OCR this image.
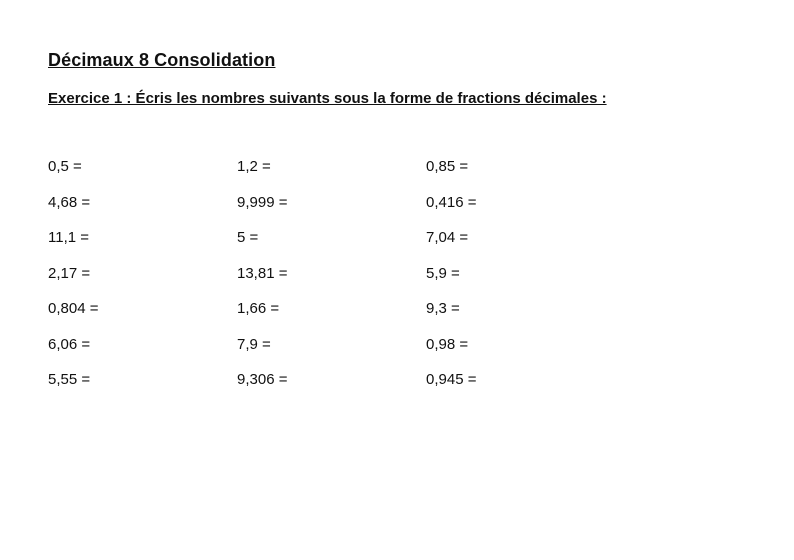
Décimaux 8 Consolidation
Exercice 1 : Écris les nombres suivants sous la forme de fractions décimales :
0,5 =	1,2 =	0,85 =
4,68 =	9,999 =	0,416 =
11,1 =	5 =	7,04 =
2,17 =	13,81 =	5,9 =
0,804 =	1,66 =	9,3 =
6,06 =	7,9 =	0,98 =
5,55 =	9,306 =	0,945 =
